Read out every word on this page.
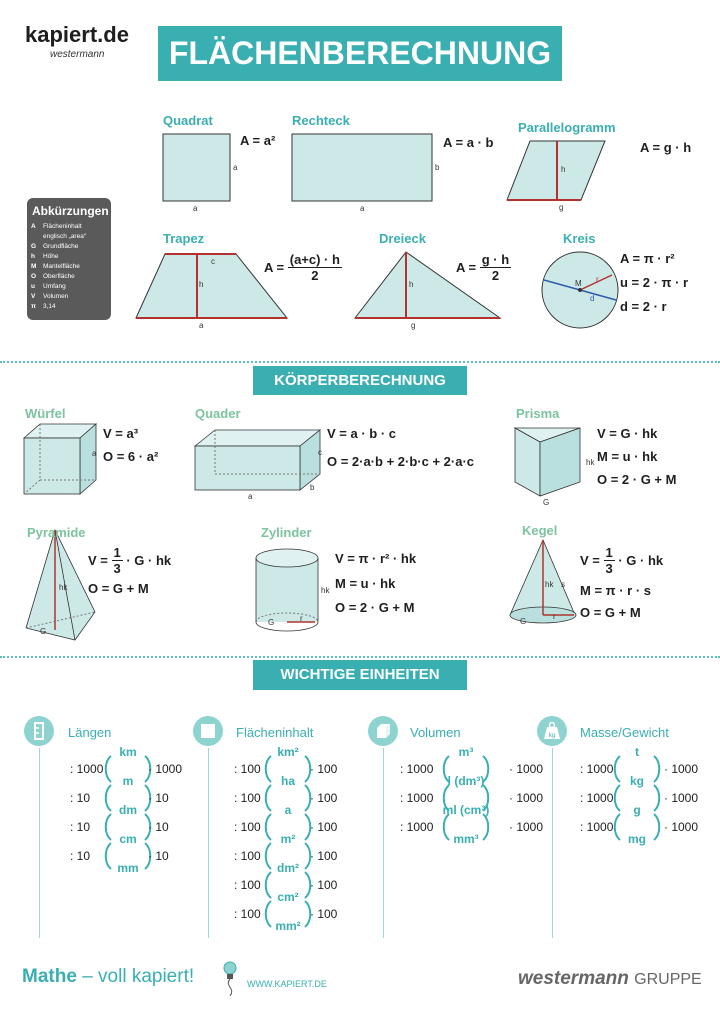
kapiert.de
westermann	FLÄCHENBERECHNUNG
Abkürzungen
A	Flächeninhalt englisch „area“
G	Grundfläche
h	Höhe
M	Mantelfläche
O	Oberfläche
u	Umfang
V	Volumen
π	3,14
Quadrat
A = a²
Rechteck
A = a · b
Parallelogramm
A = g · h
a
a
b
a
h
g
Trapez
$A = \frac{(a+c) \cdot h}{2}$
c
h
a
Dreieck
$A = \frac{g \cdot h}{2}$
h
g
Kreis
A = π · r²
u = 2 · π · r
d = 2 · r
M r
d
KÖRPERBERECHNUNG
Würfel
V = a³
O = 6 · a²
a
Quader
V = a · b · c
O = 2·a·b + 2·b·c + 2·a·c
a
b
c
Prisma
V = G · hk
M = u · hk
O = 2 · G + M
hk
G
Pyramide
$V = \frac{1}{3} \cdot G$ · hk
O = G + M
hk
G
Zylinder
V = π · r² · hk
M = u · hk
O = 2 · G + M
hk
G	r
Kegel
$V = \frac{1}{3} \cdot G$ · hk
M = π · r · s
O = G + M
hk s
G
r
WICHTIGE EINHEITEN
Längen	Flächeninhalt	Volumen	kg Masse/Gewicht
km
m
dm
cm
mm
: 1000	· 1000
: 10	· 10
: 10	· 10
: 10	· 10
km²
ha
a
m²
dm²
cm²
mm²
: 100	· 100
: 100	· 100
: 100	· 100
: 100	· 100
: 100	· 100
: 100	· 100
m³
l (dm³)
ml (cm³)
mm³
: 1000	· 1000
: 1000	· 1000
: 1000	· 1000
t
kg
g
mg
: 1000	· 1000
: 1000	· 1000
: 1000	· 1000
Mathe – voll kapiert!	WWW.KAPIERT.DE	westermann GRUPPE
